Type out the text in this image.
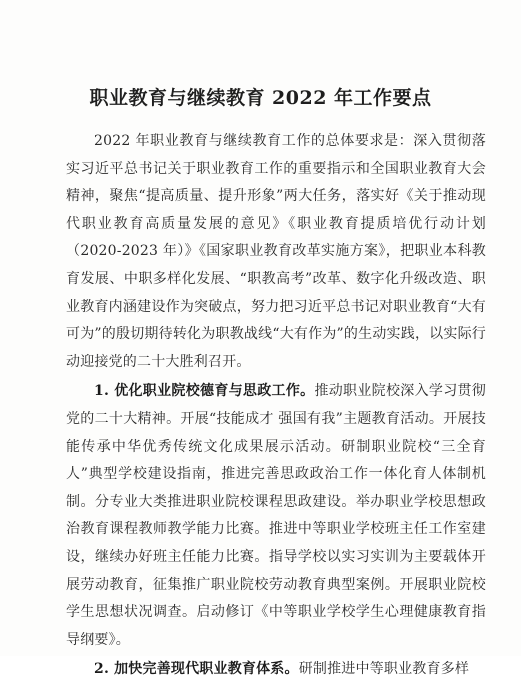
职业教育与继续教育 2022 年工作要点

2022 年职业教育与继续教育工作的总体要求是：深入贯彻落实习近平总书记关于职业教育工作的重要指示和全国职业教育大会精神，聚焦“提高质量、提升形象”两大任务，落实好《关于推动现代职业教育高质量发展的意见》《职业教育提质培优行动计划（2020-2023 年）》《国家职业教育改革实施方案》，把职业本科教育发展、中职多样化发展、“职教高考”改革、数字化升级改造、职业教育内涵建设作为突破点，努力把习近平总书记对职业教育“大有可为”的殷切期待转化为职教战线“大有作为”的生动实践，以实际行动迎接党的二十大胜利召开。

1. 优化职业院校德育与思政工作。推动职业院校深入学习贯彻党的二十大精神。开展“技能成才 强国有我”主题教育活动。开展技能传承中华优秀传统文化成果展示活动。研制职业院校“三全育人”典型学校建设指南，推进完善思政政治工作一体化育人体制机制。分专业大类推进职业院校课程思政建设。举办职业学校思想政治教育课程教师教学能力比赛。推进中等职业学校班主任工作室建设，继续办好班主任能力比赛。指导学校以实习实训为主要载体开展劳动教育，征集推广职业院校劳动教育典型案例。开展职业院校学生思想状况调查。启动修订《中等职业学校学生心理健康教育指导纲要》。

2. 加快完善现代职业教育体系。研制推进中等职业教育多样
